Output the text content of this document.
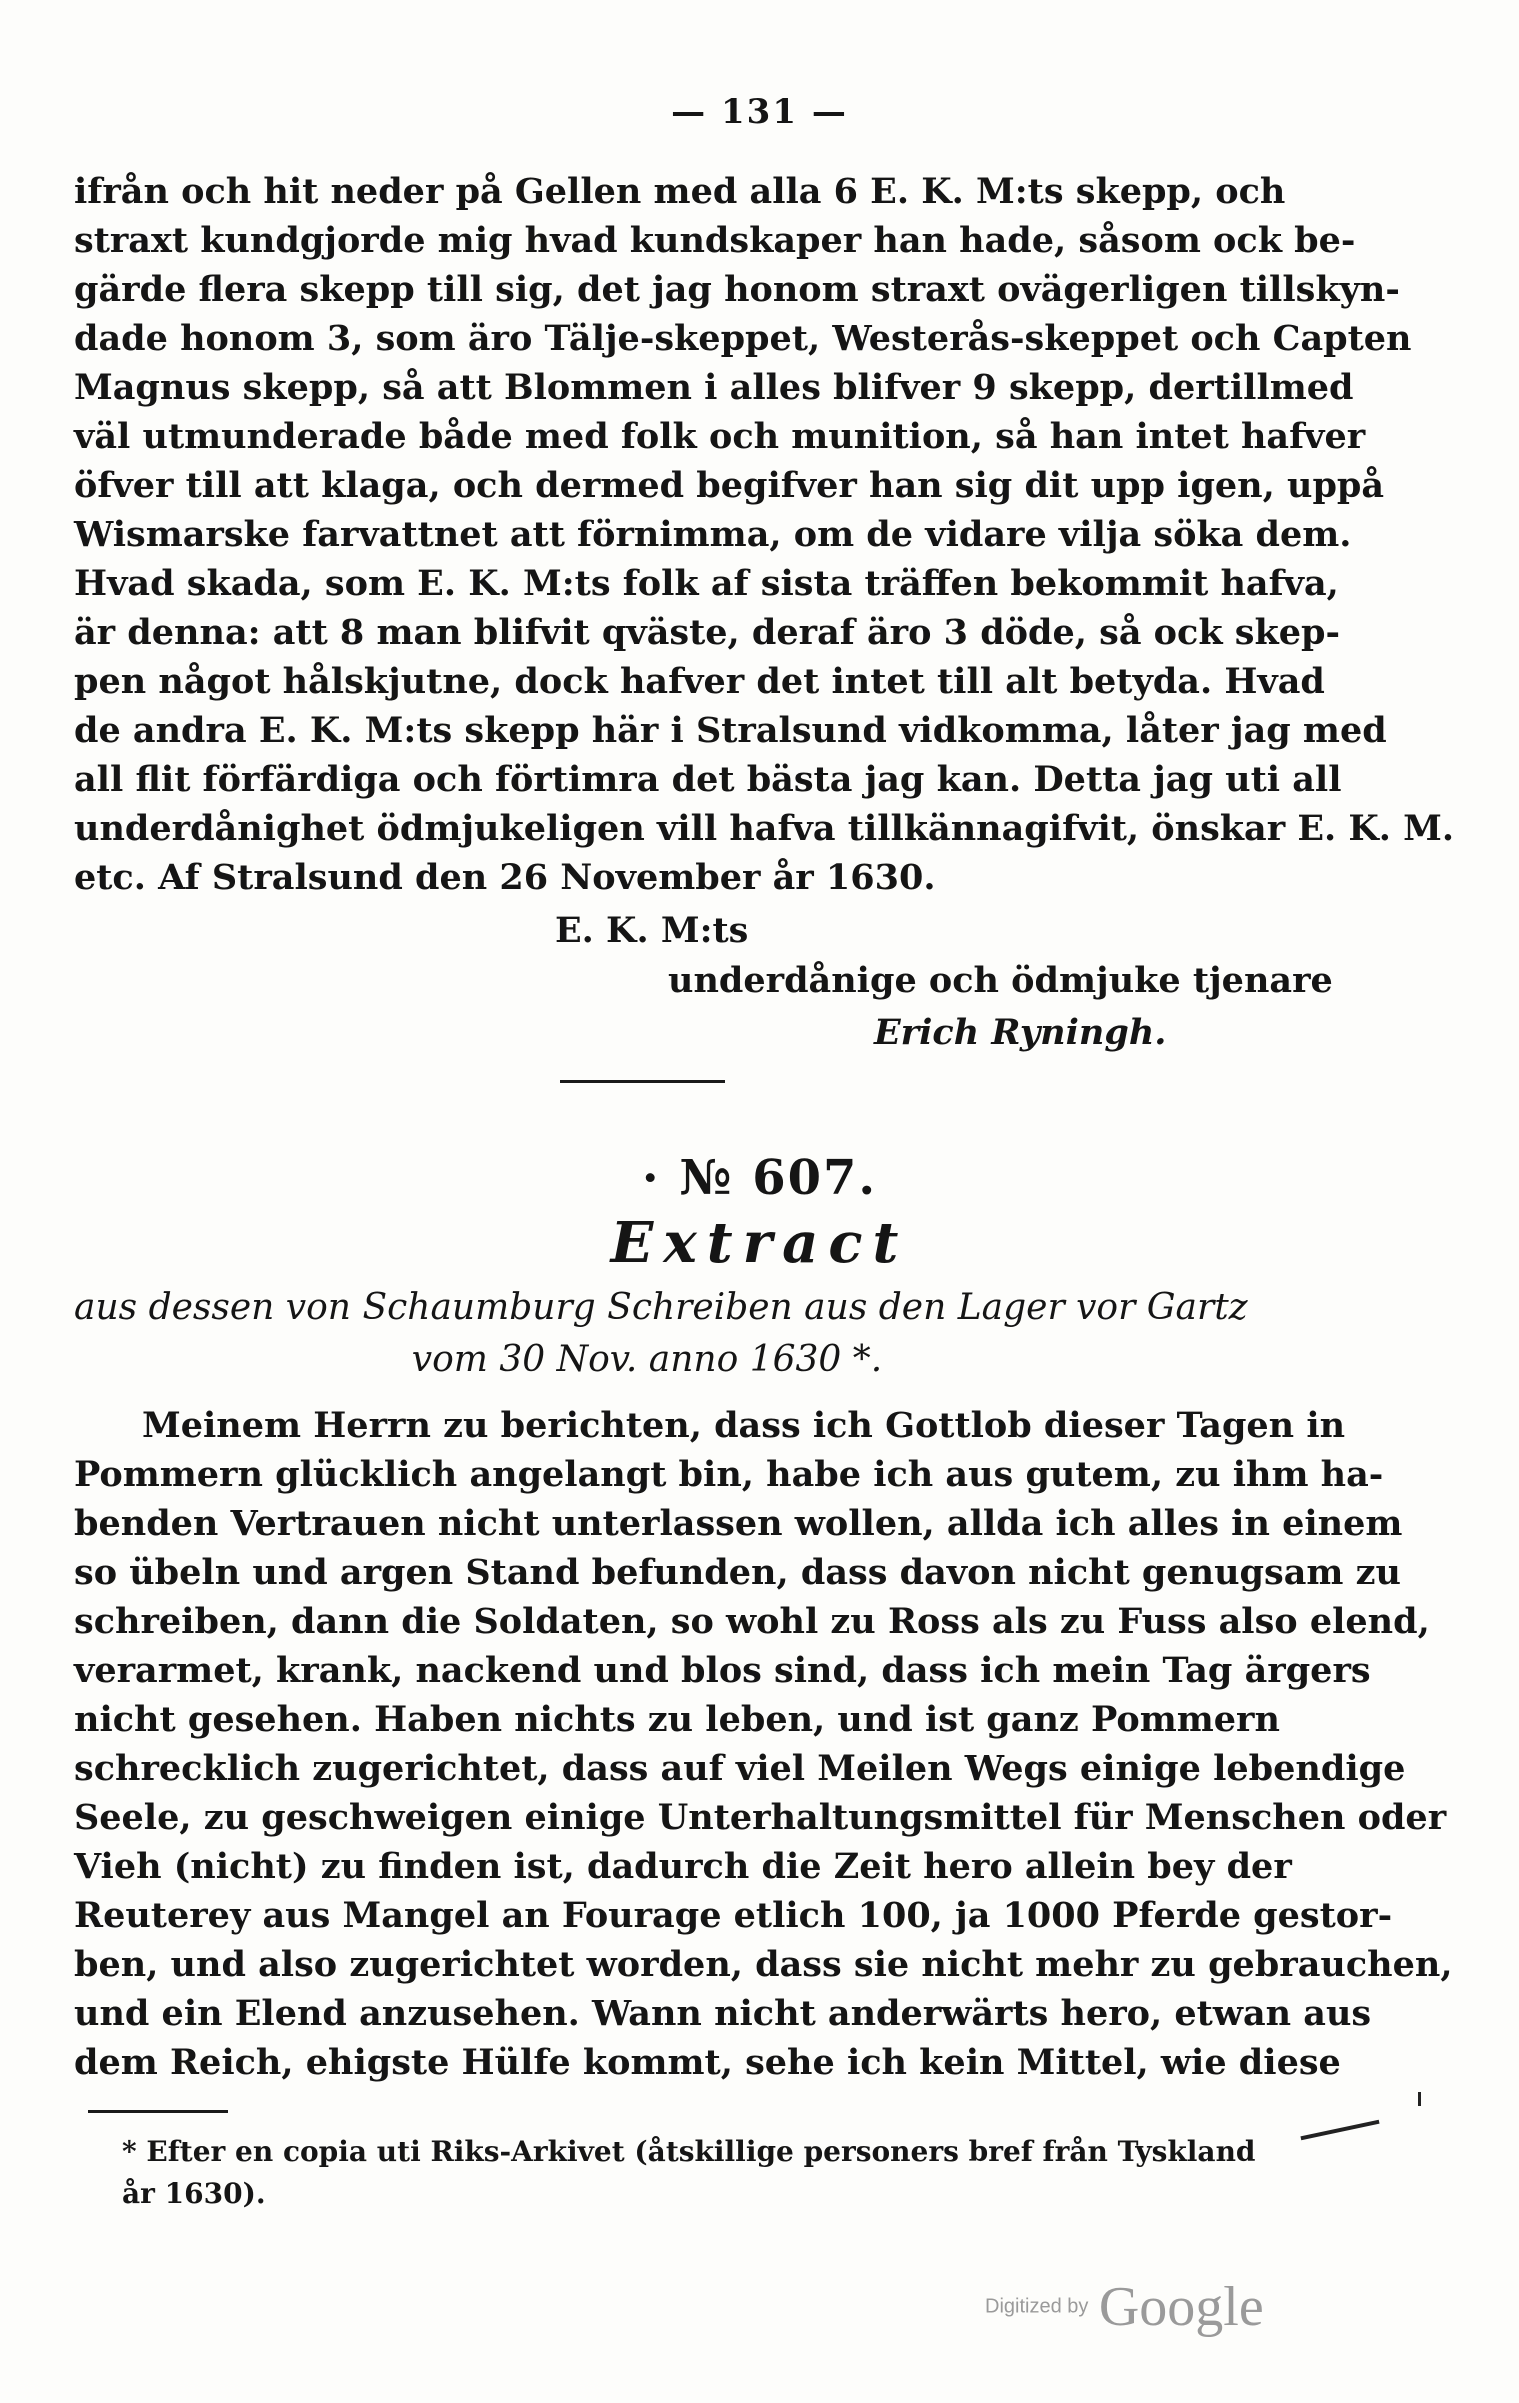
— 131 —
ifrån och hit neder på Gellen med alla 6 E. K. M:ts skepp, och
straxt kundgjorde mig hvad kundskaper han hade, såsom ock be-
gärde flera skepp till sig, det jag honom straxt ovägerligen tillskyn-
dade honom 3, som äro Tälje-skeppet, Westerås-skeppet och Capten
Magnus skepp, så att Blommen i alles blifver 9 skepp, dertillmed
väl utmunderade både med folk och munition, så han intet hafver
öfver till att klaga, och dermed begifver han sig dit upp igen, uppå
Wismarske farvattnet att förnimma, om de vidare vilja söka dem.
Hvad skada, som E. K. M:ts folk af sista träffen bekommit hafva,
är denna: att 8 man blifvit qväste, deraf äro 3 döde, så ock skep-
pen något hålskjutne, dock hafver det intet till alt betyda. Hvad
de andra E. K. M:ts skepp här i Stralsund vidkomma, låter jag med
all flit förfärdiga och förtimra det bästa jag kan. Detta jag uti all
underdånighet ödmjukeligen vill hafva tillkännagifvit, önskar E. K. M.
etc. Af Stralsund den 26 November år 1630.
E. K. M:ts
underdånige och ödmjuke tjenare
Erich Ryningh.
· № 607.
Extract
aus dessen von Schaumburg Schreiben aus den Lager vor Gartz
vom 30 Nov. anno 1630 *.
Meinem Herrn zu berichten, dass ich Gottlob dieser Tagen in
Pommern glücklich angelangt bin, habe ich aus gutem, zu ihm ha-
benden Vertrauen nicht unterlassen wollen, allda ich alles in einem
so übeln und argen Stand befunden, dass davon nicht genugsam zu
schreiben, dann die Soldaten, so wohl zu Ross als zu Fuss also elend,
verarmet, krank, nackend und blos sind, dass ich mein Tag ärgers
nicht gesehen. Haben nichts zu leben, und ist ganz Pommern
schrecklich zugerichtet, dass auf viel Meilen Wegs einige lebendige
Seele, zu geschweigen einige Unterhaltungsmittel für Menschen oder
Vieh (nicht) zu finden ist, dadurch die Zeit hero allein bey der
Reuterey aus Mangel an Fourage etlich 100, ja 1000 Pferde gestor-
ben, und also zugerichtet worden, dass sie nicht mehr zu gebrauchen,
und ein Elend anzusehen. Wann nicht anderwärts hero, etwan aus
dem Reich, ehigste Hülfe kommt, sehe ich kein Mittel, wie diese
* Efter en copia uti Riks-Arkivet (åtskillige personers bref från Tyskland
år 1630).
Digitized by Google
